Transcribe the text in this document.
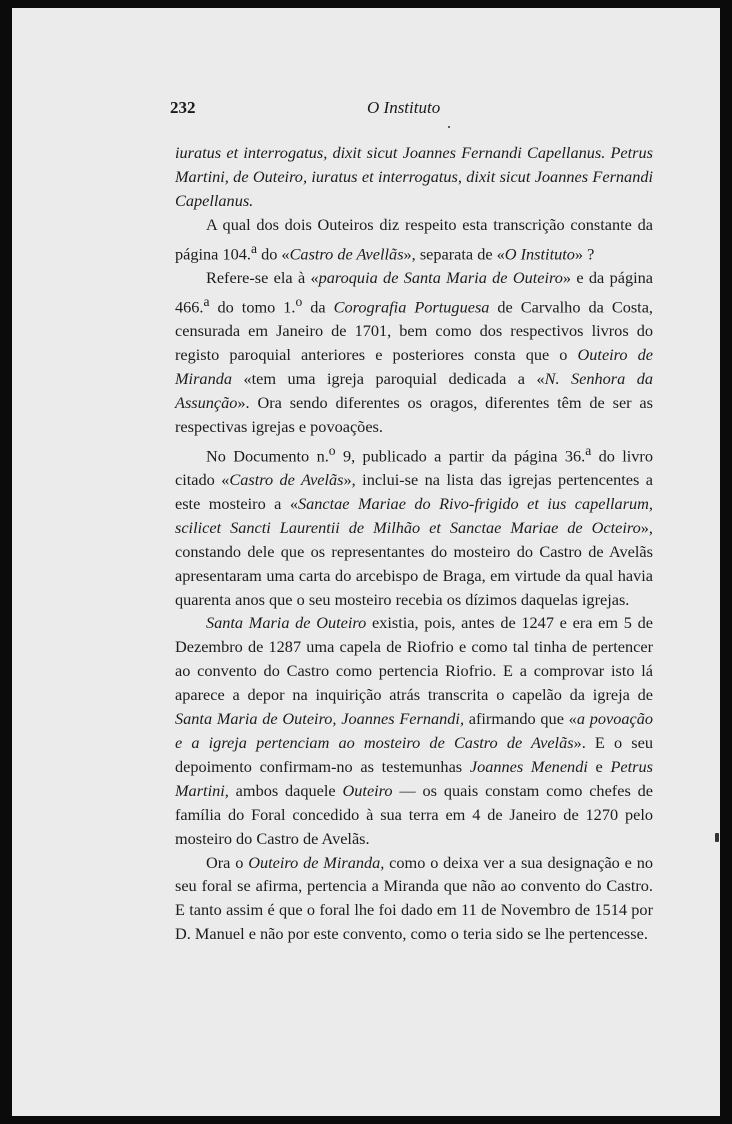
232	O Instituto

iuratus et interrogatus, dixit sicut Joannes Fernandi Capellanus. Petrus Martini, de Outeiro, iuratus et interrogatus, dixit sicut Joannes Fernandi Capellanus.

A qual dos dois Outeiros diz respeito esta transcrição constante da página 104.$^a$ do «Castro de Avellãs», separata de «O Instituto» ?

Refere-se ela à «paroquia de Santa Maria de Outeiro» e da página 466.$^a$ do tomo 1.$^o$ da Corografia Portuguesa de Carvalho da Costa, censurada em Janeiro de 1701, bem como dos respectivos livros do registo paroquial anteriores e posteriores consta que o Outeiro de Miranda «tem uma igreja paroquial dedicada a «N. Senhora da Assunção». Ora sendo diferentes os oragos, diferentes têm de ser as respectivas igrejas e povoações.

No Documento n.$^o$ 9, publicado a partir da página 36.$^a$ do livro citado «Castro de Avelãs», inclui-se na lista das igrejas pertencentes a este mosteiro a «Sanctae Mariae do Rivo-frigido et ius capellarum, scilicet Sancti Laurentii de Milhão et Sanctae Mariae de Octeiro», constando dele que os representantes do mosteiro do Castro de Avelãs apresentaram uma carta do arcebispo de Braga, em virtude da qual havia quarenta anos que o seu mosteiro recebia os dízimos daquelas igrejas.

Santa Maria de Outeiro existia, pois, antes de 1247 e era em 5 de Dezembro de 1287 uma capela de Riofrio e como tal tinha de pertencer ao convento do Castro como pertencia Riofrio. E a comprovar isto lá aparece a depor na inquirição atrás transcrita o capelão da igreja de Santa Maria de Outeiro, Joannes Fernandi, afirmando que «a povoação e a igreja pertenciam ao mosteiro de Castro de Avelãs». E o seu depoimento confirmam-no as testemunhas Joannes Menendi e Petrus Martini, ambos daquele Outeiro — os quais constam como chefes de família do Foral concedido à sua terra em 4 de Janeiro de 1270 pelo mosteiro do Castro de Avelãs.

Ora o Outeiro de Miranda, como o deixa ver a sua designação e no seu foral se afirma, pertencia a Miranda que não ao convento do Castro. E tanto assim é que o foral lhe foi dado em 11 de Novembro de 1514 por D. Manuel e não por este convento, como o teria sido se lhe pertencesse.
